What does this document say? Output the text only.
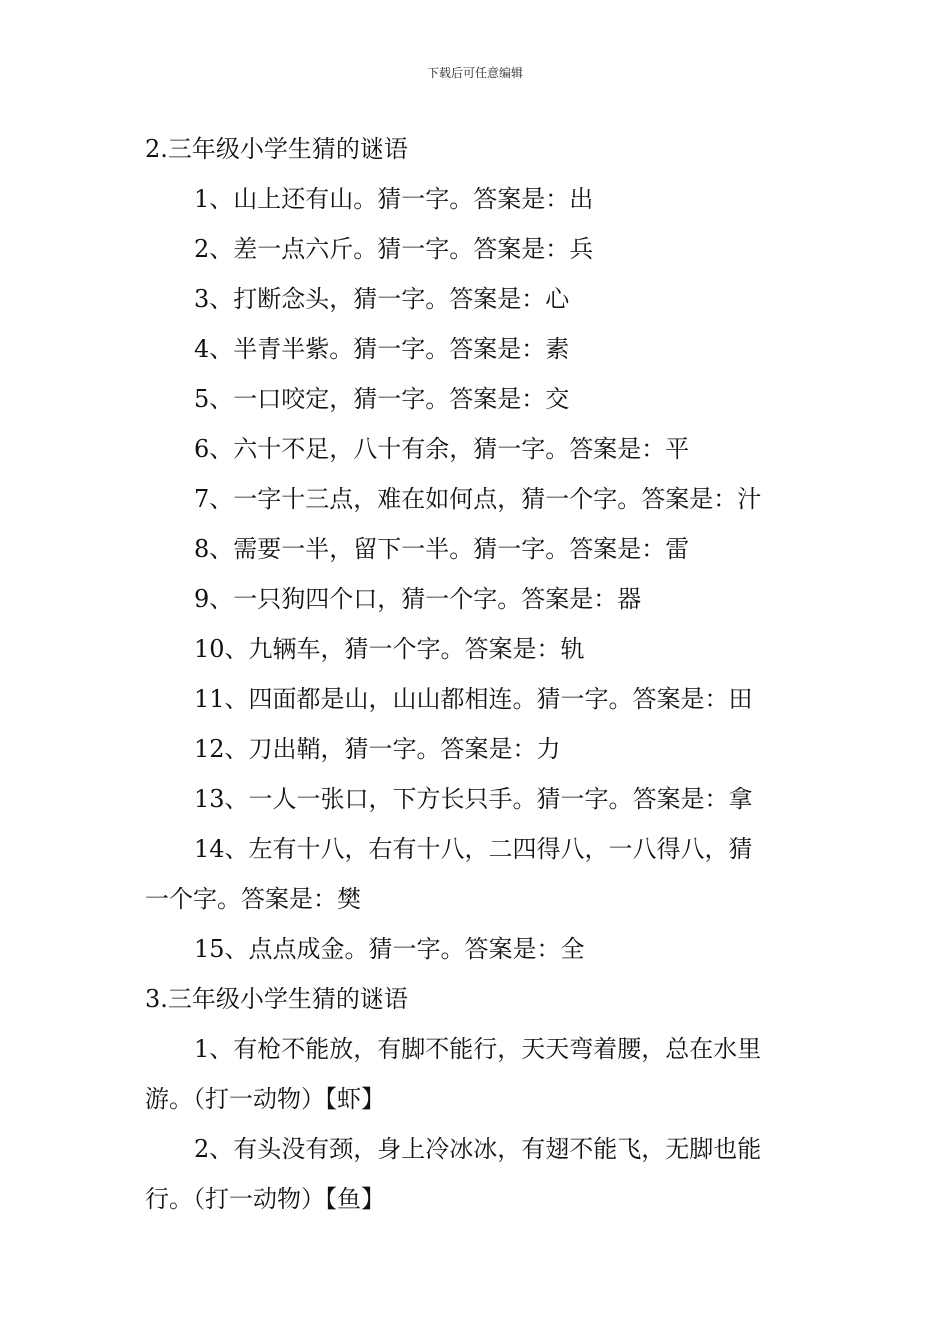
下载后可任意编辑
2.三年级小学生猜的谜语
1、山上还有山。猜一字。答案是：出
2、差一点六斤。猜一字。答案是：兵
3、打断念头，猜一字。答案是：心
4、半青半紫。猜一字。答案是：素
5、一口咬定，猜一字。答案是：交
6、六十不足，八十有余，猜一字。答案是：平
7、一字十三点，难在如何点，猜一个字。答案是：汁
8、需要一半，留下一半。猜一字。答案是：雷
9、一只狗四个口，猜一个字。答案是：器
10、九辆车，猜一个字。答案是：轨
11、四面都是山，山山都相连。猜一字。答案是：田
12、刀出鞘，猜一字。答案是：力
13、一人一张口，下方长只手。猜一字。答案是：拿
14、左有十八，右有十八，二四得八，一八得八，猜
一个字。答案是：樊
15、点点成金。猜一字。答案是：全
3.三年级小学生猜的谜语
1、有枪不能放，有脚不能行，天天弯着腰，总在水里
游。（打一动物）【虾】
2、有头没有颈，身上冷冰冰，有翅不能飞，无脚也能
行。（打一动物）【鱼】
